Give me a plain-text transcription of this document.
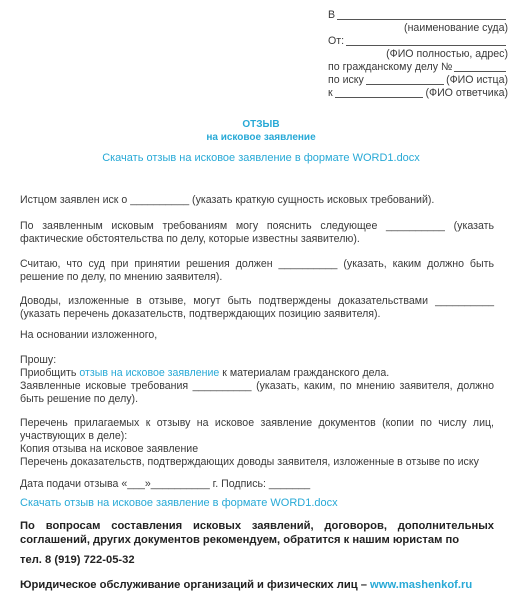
В
(наименование суда)
От:
(ФИО полностью, адрес)
по гражданскому делу №
по иску	(ФИО истца)
к	(ФИО ответчика)
ОТЗЫВ
на исковое заявление
Скачать отзыв на исковое заявление в формате WORD1.docx
Истцом заявлен иск о __________ (указать краткую сущность исковых требований).
По заявленным исковым требованиям могу пояснить следующее __________ (указать
фактические обстоятельства по делу, которые известны заявителю).
Считаю, что суд при принятии решения должен __________ (указать, каким должно быть
решение по делу, по мнению заявителя).
Доводы, изложенные в отзыве, могут быть подтверждены доказательствами __________
(указать перечень доказательств, подтверждающих позицию заявителя).
На основании изложенного,
Прошу:
Приобщить отзыв на исковое заявление к материалам гражданского дела.
Заявленные исковые требования __________ (указать, каким, по мнению заявителя, должно
быть решение по делу).
Перечень прилагаемых к отзыву на исковое заявление документов (копии по числу лиц,
участвующих в деле):
Копия отзыва на исковое заявление
Перечень доказательств, подтверждающих доводы заявителя, изложенные в отзыве по иску
Дата подачи отзыва «___»__________ г. Подпись: _______
Скачать отзыв на исковое заявление в формате WORD1.docx
По вопросам составления исковых заявлений, договоров, дополнительных
соглашений, других документов рекомендуем, обратится к нашим юристам по
тел. 8 (919) 722-05-32
Юридическое обслуживание организаций и физических лиц – www.mashenkof.ru
